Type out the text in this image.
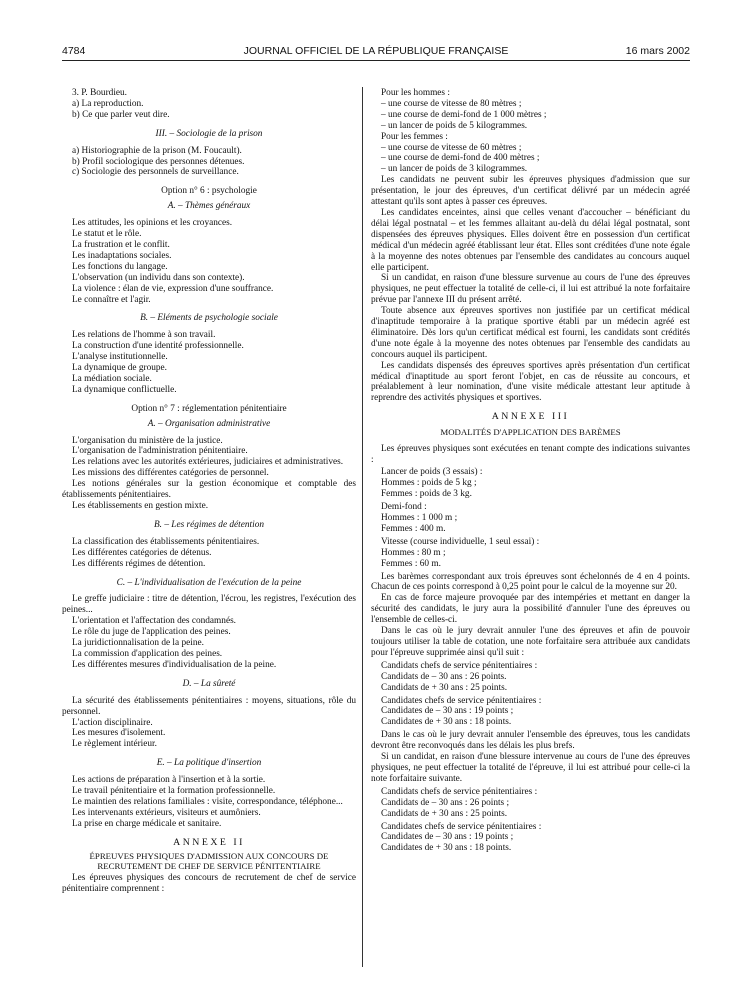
4784	JOURNAL OFFICIEL DE LA RÉPUBLIQUE FRANÇAISE	16 mars 2002

3. P. Bourdieu.

a) La reproduction.

b) Ce que parler veut dire.

III. – Sociologie de la prison

a) Historiographie de la prison (M. Foucault).

b) Profil sociologique des personnes détenues.

c) Sociologie des personnels de surveillance.

Option n° 6 : psychologie

A. – Thèmes généraux

Les attitudes, les opinions et les croyances.

Le statut et le rôle.

La frustration et le conflit.

Les inadaptations sociales.

Les fonctions du langage.

L'observation (un individu dans son contexte).

La violence : élan de vie, expression d'une souffrance.

Le connaître et l'agir.

B. – Eléments de psychologie sociale

Les relations de l'homme à son travail.

La construction d'une identité professionnelle.

L'analyse institutionnelle.

La dynamique de groupe.

La médiation sociale.

La dynamique conflictuelle.

Option n° 7 : réglementation pénitentiaire

A. – Organisation administrative

L'organisation du ministère de la justice.

L'organisation de l'administration pénitentiaire.

Les relations avec les autorités extérieures, judiciaires et administratives.

Les missions des différentes catégories de personnel.

Les notions générales sur la gestion économique et comptable des établissements pénitentiaires.

Les établissements en gestion mixte.

B. – Les régimes de détention

La classification des établissements pénitentiaires.

Les différentes catégories de détenus.

Les différents régimes de détention.

C. – L'individualisation de l'exécution de la peine

Le greffe judiciaire : titre de détention, l'écrou, les registres, l'exécution des peines...

L'orientation et l'affectation des condamnés.

Le rôle du juge de l'application des peines.

La juridictionnalisation de la peine.

La commission d'application des peines.

Les différentes mesures d'individualisation de la peine.

D. – La sûreté

La sécurité des établissements pénitentiaires : moyens, situations, rôle du personnel.

L'action disciplinaire.

Les mesures d'isolement.

Le règlement intérieur.

E. – La politique d'insertion

Les actions de préparation à l'insertion et à la sortie.

Le travail pénitentiaire et la formation professionnelle.

Le maintien des relations familiales : visite, correspondance, téléphone...

Les intervenants extérieurs, visiteurs et aumôniers.

La prise en charge médicale et sanitaire.

ANNEXE II

ÉPREUVES PHYSIQUES D'ADMISSION AUX CONCOURS DE RECRUTEMENT DE CHEF DE SERVICE PÉNITENTIAIRE

Les épreuves physiques des concours de recrutement de chef de service pénitentiaire comprennent :

Pour les hommes :

– une course de vitesse de 80 mètres ;

– une course de demi-fond de 1 000 mètres ;

– un lancer de poids de 5 kilogrammes.

Pour les femmes :

– une course de vitesse de 60 mètres ;

– une course de demi-fond de 400 mètres ;

– un lancer de poids de 3 kilogrammes.

Les candidats ne peuvent subir les épreuves physiques d'admission que sur présentation, le jour des épreuves, d'un certificat délivré par un médecin agréé attestant qu'ils sont aptes à passer ces épreuves.

Les candidates enceintes, ainsi que celles venant d'accoucher – bénéficiant du délai légal postnatal – et les femmes allaitant au-delà du délai légal postnatal, sont dispensées des épreuves physiques. Elles doivent être en possession d'un certificat médical d'un médecin agréé établissant leur état. Elles sont créditées d'une note égale à la moyenne des notes obtenues par l'ensemble des candidates au concours auquel elle participent.

Si un candidat, en raison d'une blessure survenue au cours de l'une des épreuves physiques, ne peut effectuer la totalité de celle-ci, il lui est attribué la note forfaitaire prévue par l'annexe III du présent arrêté.

Toute absence aux épreuves sportives non justifiée par un certificat médical d'inaptitude temporaire à la pratique sportive établi par un médecin agréé est éliminatoire. Dès lors qu'un certificat médical est fourni, les candidats sont crédités d'une note égale à la moyenne des notes obtenues par l'ensemble des candidats au concours auquel ils participent.

Les candidats dispensés des épreuves sportives après présentation d'un certificat médical d'inaptitude au sport feront l'objet, en cas de réussite au concours, et préalablement à leur nomination, d'une visite médicale attestant leur aptitude à reprendre des activités physiques et sportives.

ANNEXE III

MODALITÉS D'APPLICATION DES BARÈMES

Les épreuves physiques sont exécutées en tenant compte des indications suivantes :

Lancer de poids (3 essais) :

Hommes : poids de 5 kg ;

Femmes : poids de 3 kg.

Demi-fond :

Hommes : 1 000 m ;

Femmes : 400 m.

Vitesse (course individuelle, 1 seul essai) :

Hommes : 80 m ;

Femmes : 60 m.

Les barèmes correspondant aux trois épreuves sont échelonnés de 4 en 4 points. Chacun de ces points correspond à 0,25 point pour le calcul de la moyenne sur 20.

En cas de force majeure provoquée par des intempéries et mettant en danger la sécurité des candidats, le jury aura la possibilité d'annuler l'une des épreuves ou l'ensemble de celles-ci.

Dans le cas où le jury devrait annuler l'une des épreuves et afin de pouvoir toujours utiliser la table de cotation, une note forfaitaire sera attribuée aux candidats pour l'épreuve supprimée ainsi qu'il suit :

Candidats chefs de service pénitentiaires :

Candidats de – 30 ans : 26 points.

Candidats de + 30 ans : 25 points.

Candidates chefs de service pénitentiaires :

Candidates de – 30 ans : 19 points ;

Candidates de + 30 ans : 18 points.

Dans le cas où le jury devrait annuler l'ensemble des épreuves, tous les candidats devront être reconvoqués dans les délais les plus brefs.

Si un candidat, en raison d'une blessure intervenue au cours de l'une des épreuves physiques, ne peut effectuer la totalité de l'épreuve, il lui est attribué pour celle-ci la note forfaitaire suivante.

Candidats chefs de service pénitentiaires :

Candidats de – 30 ans : 26 points ;

Candidats de + 30 ans : 25 points.

Candidates chefs de service pénitentiaires :

Candidates de – 30 ans : 19 points ;

Candidates de + 30 ans : 18 points.
